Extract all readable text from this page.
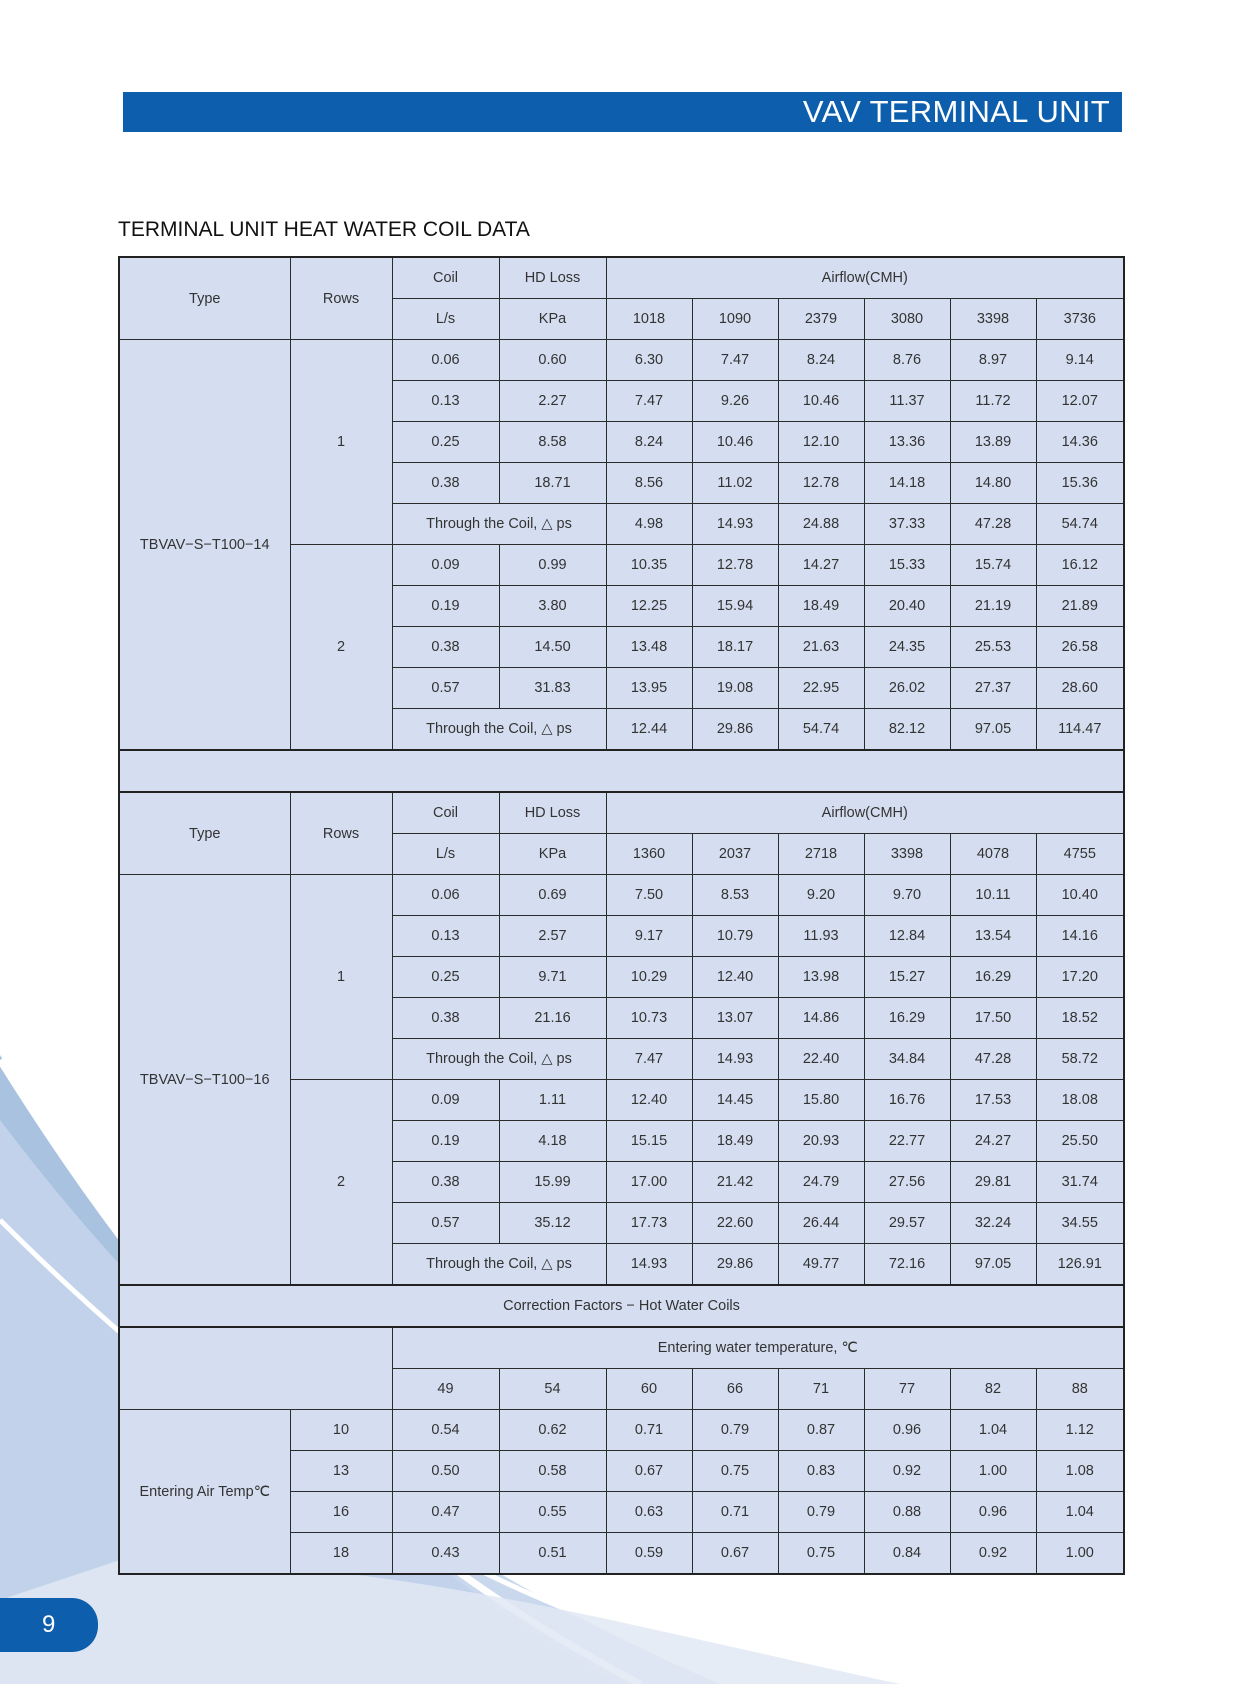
VAV TERMINAL UNIT
TERMINAL UNIT HEAT WATER COIL DATA
Type	Rows	Coil	HD Loss	Airflow(CMH)					
		L/s	KPa	1018	1090	2379	3080	3398	3736
TBVAV−S−T100−14	1	0.06	0.60	6.30	7.47	8.24	8.76	8.97	9.14
		0.13	2.27	7.47	9.26	10.46	11.37	11.72	12.07
		0.25	8.58	8.24	10.46	12.10	13.36	13.89	14.36
		0.38	18.71	8.56	11.02	12.78	14.18	14.80	15.36
		Through the Coil, △ ps		4.98	14.93	24.88	37.33	47.28	54.74
	2	0.09	0.99	10.35	12.78	14.27	15.33	15.74	16.12
		0.19	3.80	12.25	15.94	18.49	20.40	21.19	21.89
		0.38	14.50	13.48	18.17	21.63	24.35	25.53	26.58
		0.57	31.83	13.95	19.08	22.95	26.02	27.37	28.60
		Through the Coil, △ ps		12.44	29.86	54.74	82.12	97.05	114.47

Type	Rows	Coil	HD Loss	Airflow(CMH)					
		L/s	KPa	1360	2037	2718	3398	4078	4755
TBVAV−S−T100−16	1	0.06	0.69	7.50	8.53	9.20	9.70	10.11	10.40
		0.13	2.57	9.17	10.79	11.93	12.84	13.54	14.16
		0.25	9.71	10.29	12.40	13.98	15.27	16.29	17.20
		0.38	21.16	10.73	13.07	14.86	16.29	17.50	18.52
		Through the Coil, △ ps		7.47	14.93	22.40	34.84	47.28	58.72
	2	0.09	1.11	12.40	14.45	15.80	16.76	17.53	18.08
		0.19	4.18	15.15	18.49	20.93	22.77	24.27	25.50
		0.38	15.99	17.00	21.42	24.79	27.56	29.81	31.74
		0.57	35.12	17.73	22.60	26.44	29.57	32.24	34.55
		Through the Coil, △ ps		14.93	29.86	49.77	72.16	97.05	126.91
Correction Factors − Hot Water Coils									
		Entering water temperature, ℃							
		49	54	60	66	71	77	82	88
Entering Air Temp℃	10	0.54	0.62	0.71	0.79	0.87	0.96	1.04	1.12
	13	0.50	0.58	0.67	0.75	0.83	0.92	1.00	1.08
	16	0.47	0.55	0.63	0.71	0.79	0.88	0.96	1.04
	18	0.43	0.51	0.59	0.67	0.75	0.84	0.92	1.00
9
